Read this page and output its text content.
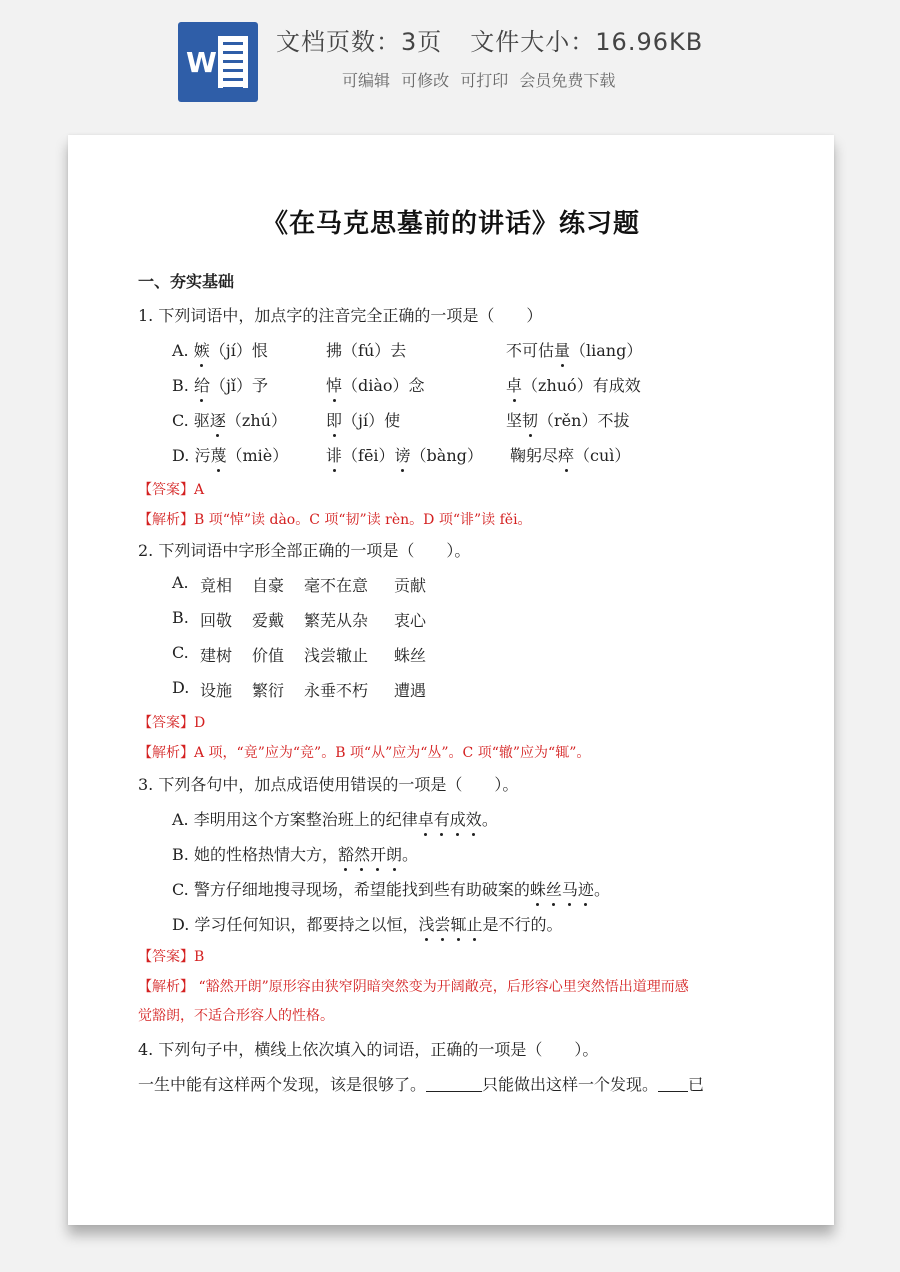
W
文档页数：3页 文件大小：16.96KB
可编辑 可修改 可打印 会员免费下载
《在马克思墓前的讲话》练习题
一、夯实基础
1. 下列词语中，加点字的注音完全正确的一项是（　　）
A. 嫉（jí）恨	拂（fú）去	不可估量（liang）
B. 给（jǐ）予	悼（diào）念	卓（zhuó）有成效
C. 驱逐（zhú） 即（jí）使	坚韧（rěn）不拔
D. 污蔑（miè） 诽（fēi）谤（bàng） 鞠躬尽瘁（cuì）
【答案】A
【解析】B 项“悼”读 dào。C 项“韧”读 rèn。D 项“诽”读 fěi。
2. 下列词语中字形全部正确的一项是（　　）。
A. 竟相 自豪 毫不在意 贡献
B. 回敬 爱戴 繁芜从杂 衷心
C. 建树 价值 浅尝辙止 蛛丝
D. 设施 繁衍 永垂不朽 遭遇
【答案】D
【解析】A 项，“竟”应为“竞”。B 项“从”应为“丛”。C 项“辙”应为“辄”。
3. 下列各句中，加点成语使用错误的一项是（　　）。
A. 李明用这个方案整治班上的纪律卓有成效。
B. 她的性格热情大方，豁然开朗。
C. 警方仔细地搜寻现场，希望能找到些有助破案的蛛丝马迹。
D. 学习任何知识，都要持之以恒，浅尝辄止是不行的。
【答案】B
【解析】 “豁然开朗”原形容由狭窄阴暗突然变为开阔敞亮，后形容心里突然悟出道理而感
觉豁朗，不适合形容人的性格。
4. 下列句子中，横线上依次填入的词语，正确的一项是（　　）。
一生中能有这样两个发现，该是很够了。	只能做出这样一个发现。 已
